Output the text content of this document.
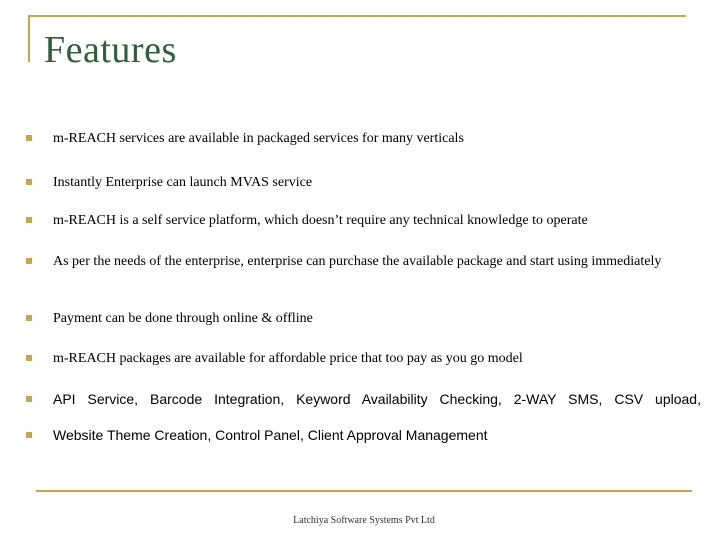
Features
m-REACH services are available in packaged services for many verticals
Instantly Enterprise can launch MVAS service
m-REACH is a self service platform, which doesn’t require any technical knowledge to operate
As per the needs of the enterprise, enterprise can purchase the available package and start using immediately
Payment can be done through online & offline
m-REACH packages are available for affordable price that too pay as you go model
API Service, Barcode Integration, Keyword Availability Checking, 2-WAY SMS, CSV upload,
Website Theme Creation, Control Panel, Client Approval Management
Latchiya Software Systems Pvt Ltd
